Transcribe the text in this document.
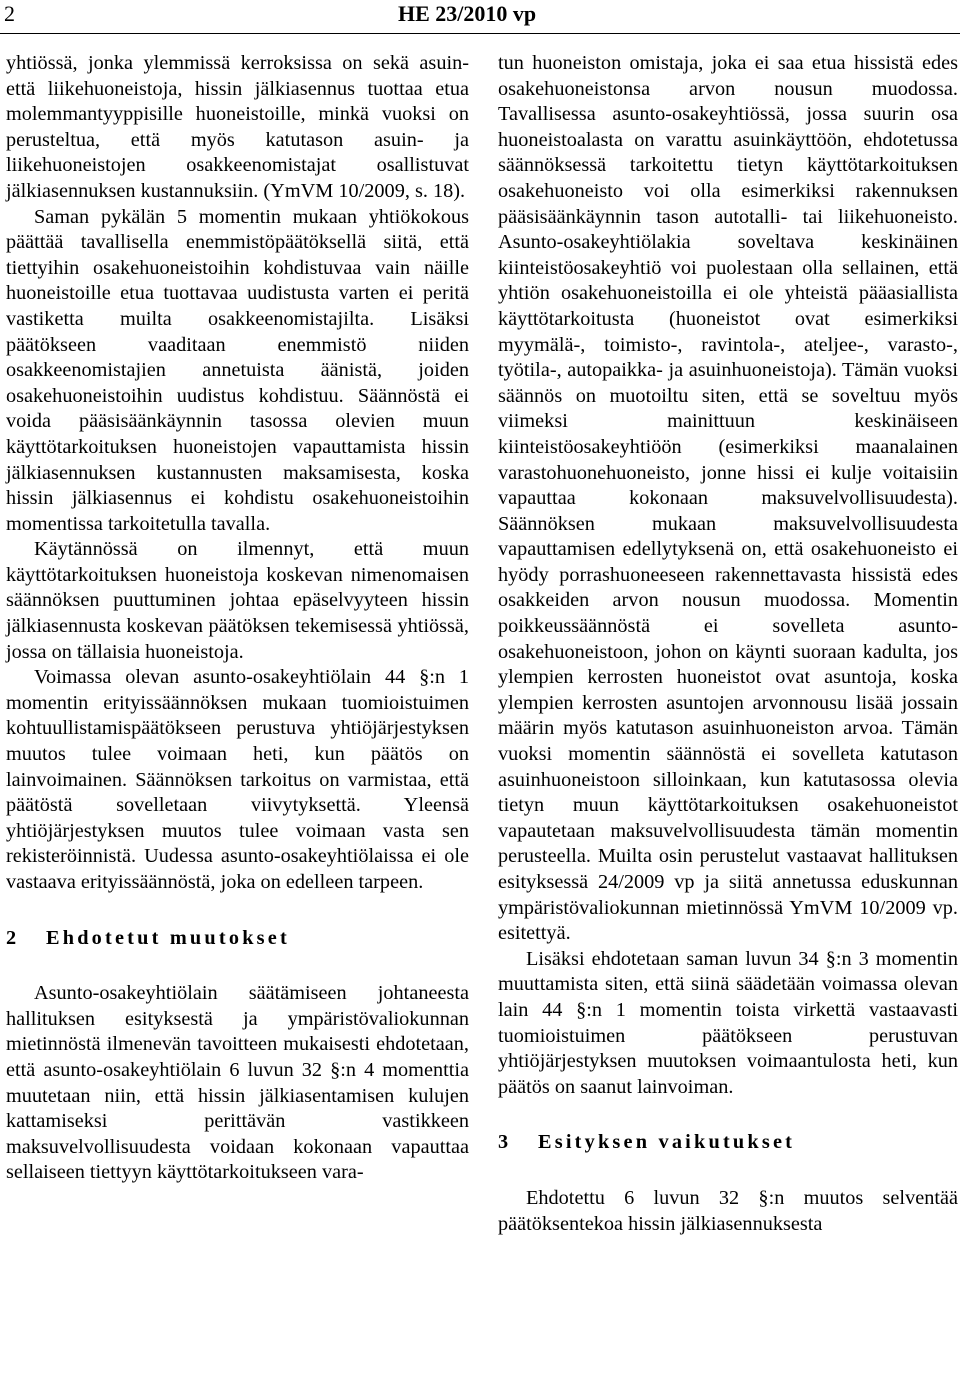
2	HE 23/2010 vp

yhtiössä, jonka ylemmissä kerroksissa on sekä asuin- että liikehuoneistoja, hissin jälkiasennus tuottaa etua molemmantyyppisille huoneistoille, minkä vuoksi on perusteltua, että myös katutason asuin- ja liikehuoneistojen osakkeenomistajat osallistuvat jälkiasennuksen kustannuksiin. (YmVM 10/2009, s. 18).

Saman pykälän 5 momentin mukaan yhtiökokous päättää tavallisella enemmistöpäätöksellä siitä, että tiettyihin osakehuoneistoihin kohdistuvaa vain näille huoneistoille etua tuottavaa uudistusta varten ei peritä vastiketta muilta osakkeenomistajilta. Lisäksi päätökseen vaaditaan enemmistö niiden osakkeenomistajien annetuista äänistä, joiden osakehuoneistoihin uudistus kohdistuu. Säännöstä ei voida pääsisäänkäynnin tasossa olevien muun käyttötarkoituksen huoneistojen vapauttamista hissin jälkiasennuksen kustannusten maksamisesta, koska hissin jälkiasennus ei kohdistu osakehuoneistoihin momentissa tarkoitetulla tavalla.

Käytännössä on ilmennyt, että muun käyttötarkoituksen huoneistoja koskevan nimenomaisen säännöksen puuttuminen johtaa epäselvyyteen hissin jälkiasennusta koskevan päätöksen tekemisessä yhtiössä, jossa on tällaisia huoneistoja.

Voimassa olevan asunto-osakeyhtiölain 44 §:n 1 momentin erityissäännöksen mukaan tuomioistuimen kohtuullistamispäätökseen perustuva yhtiöjärjestyksen muutos tulee voimaan heti, kun päätös on lainvoimainen. Säännöksen tarkoitus on varmistaa, että päätöstä sovelletaan viivytyksettä. Yleensä yhtiöjärjestyksen muutos tulee voimaan vasta sen rekisteröinnistä. Uudessa asunto-osakeyhtiölaissa ei ole vastaava erityissäännöstä, joka on edelleen tarpeen.

2 Ehdotetut muutokset

Asunto-osakeyhtiölain säätämiseen johtaneesta hallituksen esityksestä ja ympäristövaliokunnan mietinnöstä ilmenevän tavoitteen mukaisesti ehdotetaan, että asunto-osakeyhtiölain 6 luvun 32 §:n 4 momenttia muutetaan niin, että hissin jälkiasentamisen kulujen kattamiseksi perittävän vastikkeen maksuvelvollisuudesta voidaan kokonaan vapauttaa sellaiseen tiettyyn käyttötarkoitukseen vara-

tun huoneiston omistaja, joka ei saa etua hissistä edes osakehuoneistonsa arvon nousun muodossa. Tavallisessa asunto-osakeyhtiössä, jossa suurin osa huoneistoalasta on varattu asuinkäyttöön, ehdotetussa säännöksessä tarkoitettu tietyn käyttötarkoituksen osakehuoneisto voi olla esimerkiksi rakennuksen pääsisäänkäynnin tason autotalli- tai liikehuoneisto. Asunto-osakeyhtiölakia soveltava keskinäinen kiinteistöosakeyhtiö voi puolestaan olla sellainen, että yhtiön osakehuoneistoilla ei ole yhteistä pääasiallista käyttötarkoitusta (huoneistot ovat esimerkiksi myymälä-, toimisto-, ravintola-, ateljee-, varasto-, työtila-, autopaikka- ja asuinhuoneistoja). Tämän vuoksi säännös on muotoiltu siten, että se soveltuu myös viimeksi mainittuun keskinäiseen kiinteistöosakeyhtiöön (esimerkiksi maanalainen varastohuonehuoneisto, jonne hissi ei kulje voitaisiin vapauttaa kokonaan maksuvelvollisuudesta). Säännöksen mukaan maksuvelvollisuudesta vapauttamisen edellytyksenä on, että osakehuoneisto ei hyödy porrashuoneeseen rakennettavasta hissistä edes osakkeiden arvon nousun muodossa. Momentin poikkeussäännöstä ei sovelleta asunto-osakehuoneistoon, johon on käynti suoraan kadulta, jos ylempien kerrosten huoneistot ovat asuntoja, koska ylempien kerrosten asuntojen arvonnousu lisää jossain määrin myös katutason asuinhuoneiston arvoa. Tämän vuoksi momentin säännöstä ei sovelleta katutason asuinhuoneistoon silloinkaan, kun katutasossa olevia tietyn muun käyttötarkoituksen osakehuoneistot vapautetaan maksuvelvollisuudesta tämän momentin perusteella. Muilta osin perustelut vastaavat hallituksen esityksessä 24/2009 vp ja siitä annetussa eduskunnan ympäristövaliokunnan mietinnössä YmVM 10/2009 vp. esitettyä.

Lisäksi ehdotetaan saman luvun 34 §:n 3 momentin muuttamista siten, että siinä säädetään voimassa olevan lain 44 §:n 1 momentin toista virkettä vastaavasti tuomioistuimen päätökseen perustuvan yhtiöjärjestyksen muutoksen voimaantulosta heti, kun päätös on saanut lainvoiman.

3 Esityksen vaikutukset

Ehdotettu 6 luvun 32 §:n muutos selventää päätöksentekoa hissin jälkiasennuksesta
